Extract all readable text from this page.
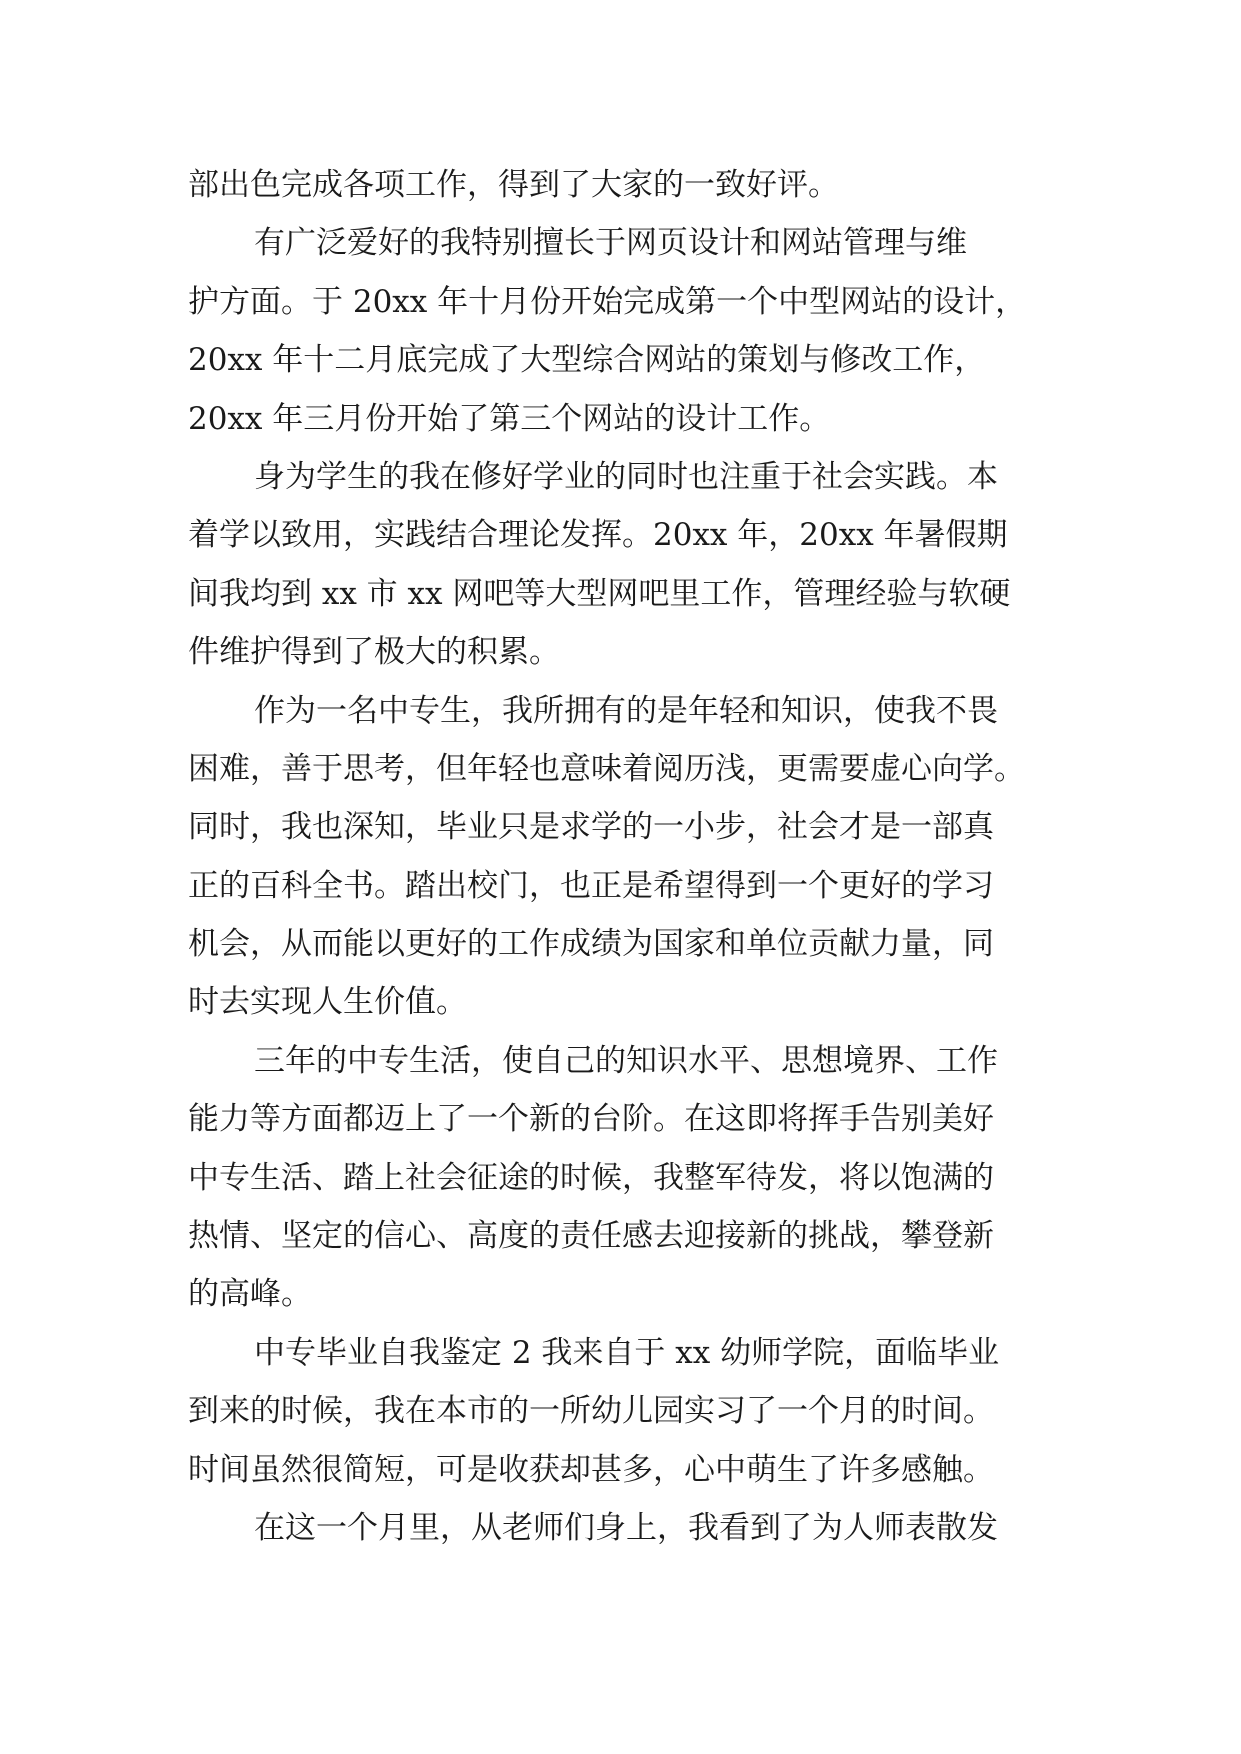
部出色完成各项工作，得到了大家的一致好评。
有广泛爱好的我特别擅长于网页设计和网站管理与维
护方面。于 20xx 年十月份开始完成第一个中型网站的设计，
20xx 年十二月底完成了大型综合网站的策划与修改工作，
20xx 年三月份开始了第三个网站的设计工作。
身为学生的我在修好学业的同时也注重于社会实践。本
着学以致用，实践结合理论发挥。20xx 年，20xx 年暑假期
间我均到 xx 市 xx 网吧等大型网吧里工作，管理经验与软硬
件维护得到了极大的积累。
作为一名中专生，我所拥有的是年轻和知识，使我不畏
困难，善于思考，但年轻也意味着阅历浅，更需要虚心向学。
同时，我也深知，毕业只是求学的一小步，社会才是一部真
正的百科全书。踏出校门，也正是希望得到一个更好的学习
机会，从而能以更好的工作成绩为国家和单位贡献力量，同
时去实现人生价值。
三年的中专生活，使自己的知识水平、思想境界、工作
能力等方面都迈上了一个新的台阶。在这即将挥手告别美好
中专生活、踏上社会征途的时候，我整军待发，将以饱满的
热情、坚定的信心、高度的责任感去迎接新的挑战，攀登新
的高峰。
中专毕业自我鉴定 2 我来自于 xx 幼师学院，面临毕业
到来的时候，我在本市的一所幼儿园实习了一个月的时间。
时间虽然很简短，可是收获却甚多，心中萌生了许多感触。
在这一个月里，从老师们身上，我看到了为人师表散发
